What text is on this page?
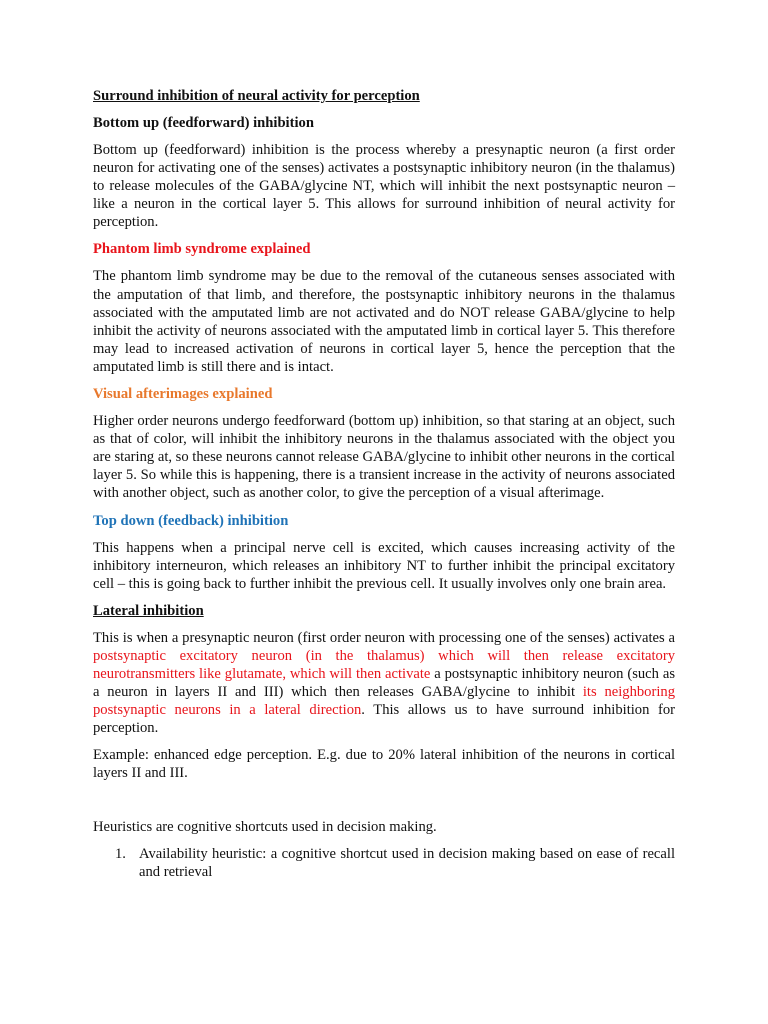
Surround inhibition of neural activity for perception
Bottom up (feedforward) inhibition

Bottom up (feedforward) inhibition is the process whereby a presynaptic neuron (a first order neuron for activating one of the senses) activates a postsynaptic inhibitory neuron (in the thalamus) to release molecules of the GABA/glycine NT, which will inhibit the next postsynaptic neuron – like a neuron in the cortical layer 5. This allows for surround inhibition of neural activity for perception.

Phantom limb syndrome explained

The phantom limb syndrome may be due to the removal of the cutaneous senses associated with the amputation of that limb, and therefore, the postsynaptic inhibitory neurons in the thalamus associated with the amputated limb are not activated and do NOT release GABA/glycine to help inhibit the activity of neurons associated with the amputated limb in cortical layer 5. This therefore may lead to increased activation of neurons in cortical layer 5, hence the perception that the amputated limb is still there and is intact.

Visual afterimages explained

Higher order neurons undergo feedforward (bottom up) inhibition, so that staring at an object, such as that of color, will inhibit the inhibitory neurons in the thalamus associated with the object you are staring at, so these neurons cannot release GABA/glycine to inhibit other neurons in the cortical layer 5. So while this is happening, there is a transient increase in the activity of neurons associated with another object, such as another color, to give the perception of a visual afterimage.

Top down (feedback) inhibition

This happens when a principal nerve cell is excited, which causes increasing activity of the inhibitory interneuron, which releases an inhibitory NT to further inhibit the principal excitatory cell – this is going back to further inhibit the previous cell. It usually involves only one brain area.

Lateral inhibition

This is when a presynaptic neuron (first order neuron with processing one of the senses) activates a postsynaptic excitatory neuron (in the thalamus) which will then release excitatory neurotransmitters like glutamate, which will then activate a postsynaptic inhibitory neuron (such as a neuron in layers II and III) which then releases GABA/glycine to inhibit its neighboring postsynaptic neurons in a lateral direction. This allows us to have surround inhibition for perception.

Example: enhanced edge perception. E.g. due to 20% lateral inhibition of the neurons in cortical layers II and III.

Heuristics are cognitive shortcuts used in decision making.

1. Availability heuristic: a cognitive shortcut used in decision making based on ease of recall and retrieval
